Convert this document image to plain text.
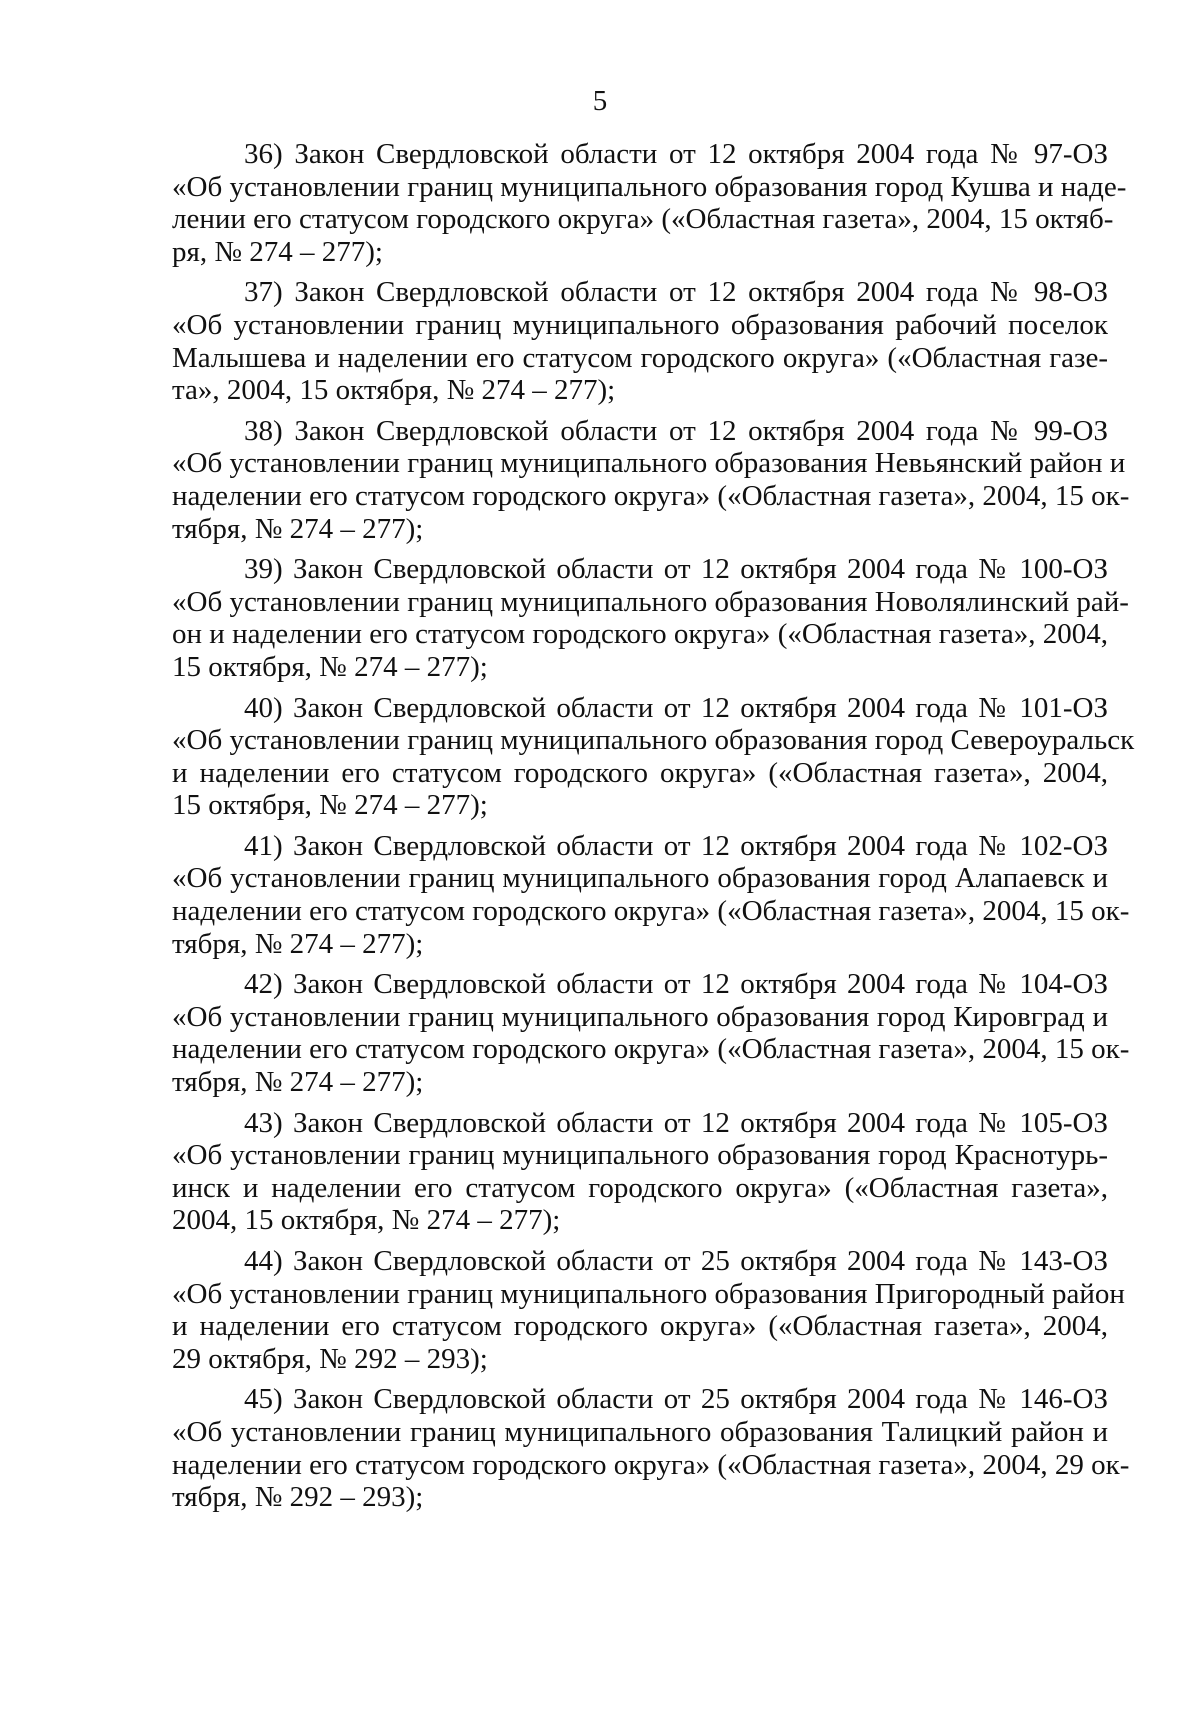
5
36) Закон Свердловской области от 12 октября 2004 года № 97-ОЗ
«Об установлении границ муниципального образования город Кушва и наде-
лении его статусом городского округа» («Областная газета», 2004, 15 октяб-
ря, № 274 – 277);
37) Закон Свердловской области от 12 октября 2004 года № 98-ОЗ
«Об установлении границ муниципального образования рабочий поселок
Малышева и наделении его статусом городского округа» («Областная газе-
та», 2004, 15 октября, № 274 – 277);
38) Закон Свердловской области от 12 октября 2004 года № 99-ОЗ
«Об установлении границ муниципального образования Невьянский район и
наделении его статусом городского округа» («Областная газета», 2004, 15 ок-
тября, № 274 – 277);
39) Закон Свердловской области от 12 октября 2004 года № 100-ОЗ
«Об установлении границ муниципального образования Новолялинский рай-
он и наделении его статусом городского округа» («Областная газета», 2004,
15 октября, № 274 – 277);
40) Закон Свердловской области от 12 октября 2004 года № 101-ОЗ
«Об установлении границ муниципального образования город Североуральск
и наделении его статусом городского округа» («Областная газета», 2004,
15 октября, № 274 – 277);
41) Закон Свердловской области от 12 октября 2004 года № 102-ОЗ
«Об установлении границ муниципального образования город Алапаевск и
наделении его статусом городского округа» («Областная газета», 2004, 15 ок-
тября, № 274 – 277);
42) Закон Свердловской области от 12 октября 2004 года № 104-ОЗ
«Об установлении границ муниципального образования город Кировград и
наделении его статусом городского округа» («Областная газета», 2004, 15 ок-
тября, № 274 – 277);
43) Закон Свердловской области от 12 октября 2004 года № 105-ОЗ
«Об установлении границ муниципального образования город Краснотурь-
инск и наделении его статусом городского округа» («Областная газета»,
2004, 15 октября, № 274 – 277);
44) Закон Свердловской области от 25 октября 2004 года № 143-ОЗ
«Об установлении границ муниципального образования Пригородный район
и наделении его статусом городского округа» («Областная газета», 2004,
29 октября, № 292 – 293);
45) Закон Свердловской области от 25 октября 2004 года № 146-ОЗ
«Об установлении границ муниципального образования Талицкий район и
наделении его статусом городского округа» («Областная газета», 2004, 29 ок-
тября, № 292 – 293);
